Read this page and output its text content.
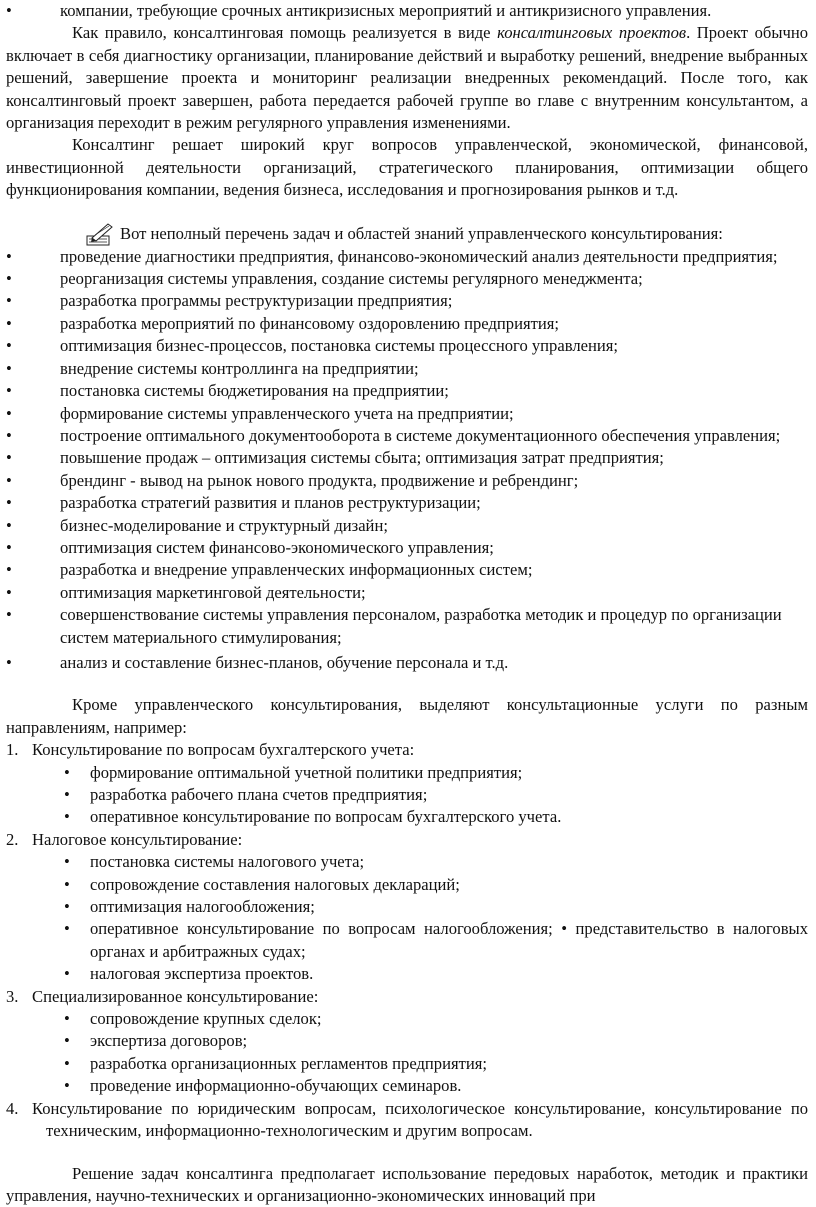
•	компании, требующие срочных антикризисных мероприятий и антикризисного управления.

Как правило, консалтинговая помощь реализуется в виде консалтинговых проектов. Проект обычно включает в себя диагностику организации, планирование действий и выработку решений, внедрение выбранных решений, завершение проекта и мониторинг реализации внедренных рекомендаций. После того, как консалтинговый проект завершен, работа передается рабочей группе во главе с внутренним консультантом, а организация переходит в режим регулярного управления изменениями.

Консалтинг решает широкий круг вопросов управленческой, экономической, финансовой, инвестиционной деятельности организаций, стратегического планирования, оптимизации общего функционирования компании, ведения бизнеса, исследования и прогнозирования рынков и т.д.

Вот неполный перечень задач и областей знаний управленческого консультирования:
•	проведение диагностики предприятия, финансово-экономический анализ деятельности предприятия;
•	реорганизация системы управления, создание системы регулярного менеджмента;
•	разработка программы реструктуризации предприятия;
•	разработка мероприятий по финансовому оздоровлению предприятия;
•	оптимизация бизнес-процессов, постановка системы процессного управления;
•	внедрение системы контроллинга на предприятии;
•	постановка системы бюджетирования на предприятии;
•	формирование системы управленческого учета на предприятии;
•	построение оптимального документооборота в системе документационного обеспечения управления;
•	повышение продаж – оптимизация системы сбыта; оптимизация затрат предприятия;
•	брендинг - вывод на рынок нового продукта, продвижение и ребрендинг;
•	разработка стратегий развития и планов реструктуризации;
•	бизнес-моделирование и структурный дизайн;
•	оптимизация систем финансово-экономического управления;
•	разработка и внедрение управленческих информационных систем;
•	оптимизация маркетинговой деятельности;
•	совершенствование системы управления персоналом, разработка методик и процедур по организации систем материального стимулирования;
•	анализ и составление бизнес-планов, обучение персонала и т.д.

Кроме управленческого консультирования, выделяют консультационные услуги по разным направлениям, например:

1. Консультирование по вопросам бухгалтерского учета:
•	формирование оптимальной учетной политики предприятия;
•	разработка рабочего плана счетов предприятия;
•	оперативное консультирование по вопросам бухгалтерского учета.
2. Налоговое консультирование:
•	постановка системы налогового учета;
•	сопровождение составления налоговых деклараций;
•	оптимизация налогообложения;
•	оперативное консультирование по вопросам налогообложения; • представительство в налоговых органах и арбитражных судах;
•	налоговая экспертиза проектов.
3. Специализированное консультирование:
•	сопровождение крупных сделок;
•	экспертиза договоров;
•	разработка организационных регламентов предприятия;
•	проведение информационно-обучающих семинаров.
4. Консультирование по юридическим вопросам, психологическое консультирование, консультирование по техническим, информационно-технологическим и другим вопросам.

Решение задач консалтинга предполагает использование передовых наработок, методик и практики управления, научно-технических и организационно-экономических инноваций при
